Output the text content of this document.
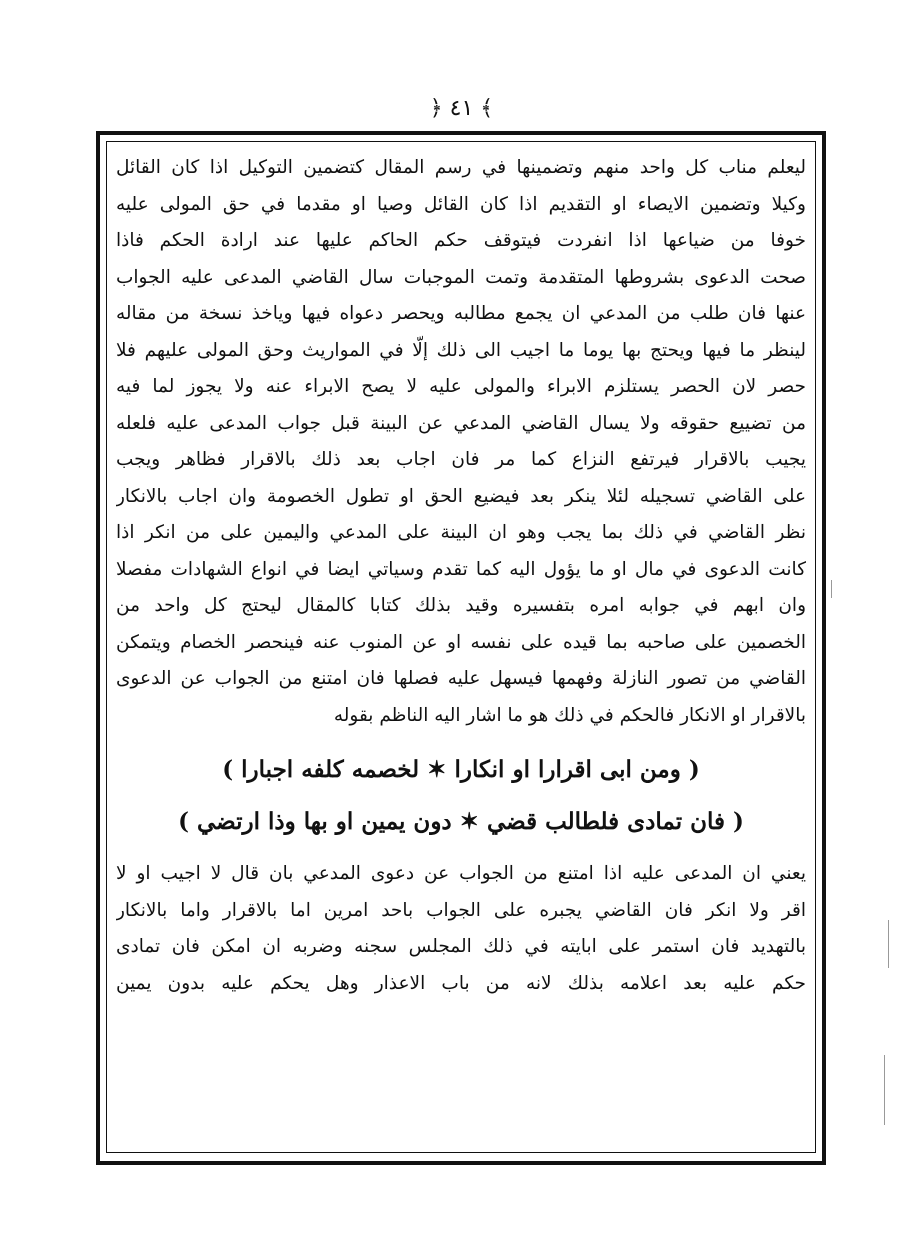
﴾ ٤١ ﴿
ليعلم مناب كل واحد منهم وتضمينها في رسم المقال كتضمين التوكيل اذا كان القائل
وكيلا وتضمين الايصاء او التقديم اذا كان القائل وصيا او مقدما في حق المولى عليه
خوفا من ضياعها اذا انفردت فيتوقف حكم الحاكم عليها عند ارادة الحكم فاذا
صحت الدعوى بشروطها المتقدمة وتمت الموجبات سال القاضي المدعى عليه الجواب
عنها فان طلب من المدعي ان يجمع مطالبه ويحصر دعواه فيها وياخذ نسخة من مقاله
لينظر ما فيها ويحتج بها يوما ما اجيب الى ذلك إلّا في المواريث وحق المولى عليهم فلا
حصر لان الحصر يستلزم الابراء والمولى عليه لا يصح الابراء عنه ولا يجوز لما فيه
من تضييع حقوقه ولا يسال القاضي المدعي عن البينة قبل جواب المدعى عليه فلعله
يجيب بالاقرار فيرتفع النزاع كما مر فان اجاب بعد ذلك بالاقرار فظاهر ويجب
على القاضي تسجيله لئلا ينكر بعد فيضيع الحق او تطول الخصومة وان اجاب بالانكار
نظر القاضي في ذلك بما يجب وهو ان البينة على المدعي واليمين على من انكر اذا
كانت الدعوى في مال او ما يؤول اليه كما تقدم وسياتي ايضا في انواع الشهادات مفصلا
وان ابهم في جوابه امره بتفسيره وقيد بذلك كتابا كالمقال ليحتج كل واحد من
الخصمين على صاحبه بما قيده على نفسه او عن المنوب عنه فينحصر الخصام ويتمكن
القاضي من تصور النازلة وفهمها فيسهل عليه فصلها فان امتنع من الجواب عن الدعوى
بالاقرار او الانكار فالحكم في ذلك هو ما اشار اليه الناظم بقوله
( ومن ابى اقرارا او انكارا ✶ لخصمه كلفه اجبارا )
( فان تمادى فلطالب قضي ✶ دون يمين او بها وذا ارتضي )
يعني ان المدعى عليه اذا امتنع من الجواب عن دعوى المدعي بان قال لا اجيب او لا
اقر ولا انكر فان القاضي يجبره على الجواب باحد امرين اما بالاقرار واما بالانكار
بالتهديد فان استمر على ابايته في ذلك المجلس سجنه وضربه ان امكن فان تمادى
حكم عليه بعد اعلامه بذلك لانه من باب الاعذار وهل يحكم عليه بدون يمين
